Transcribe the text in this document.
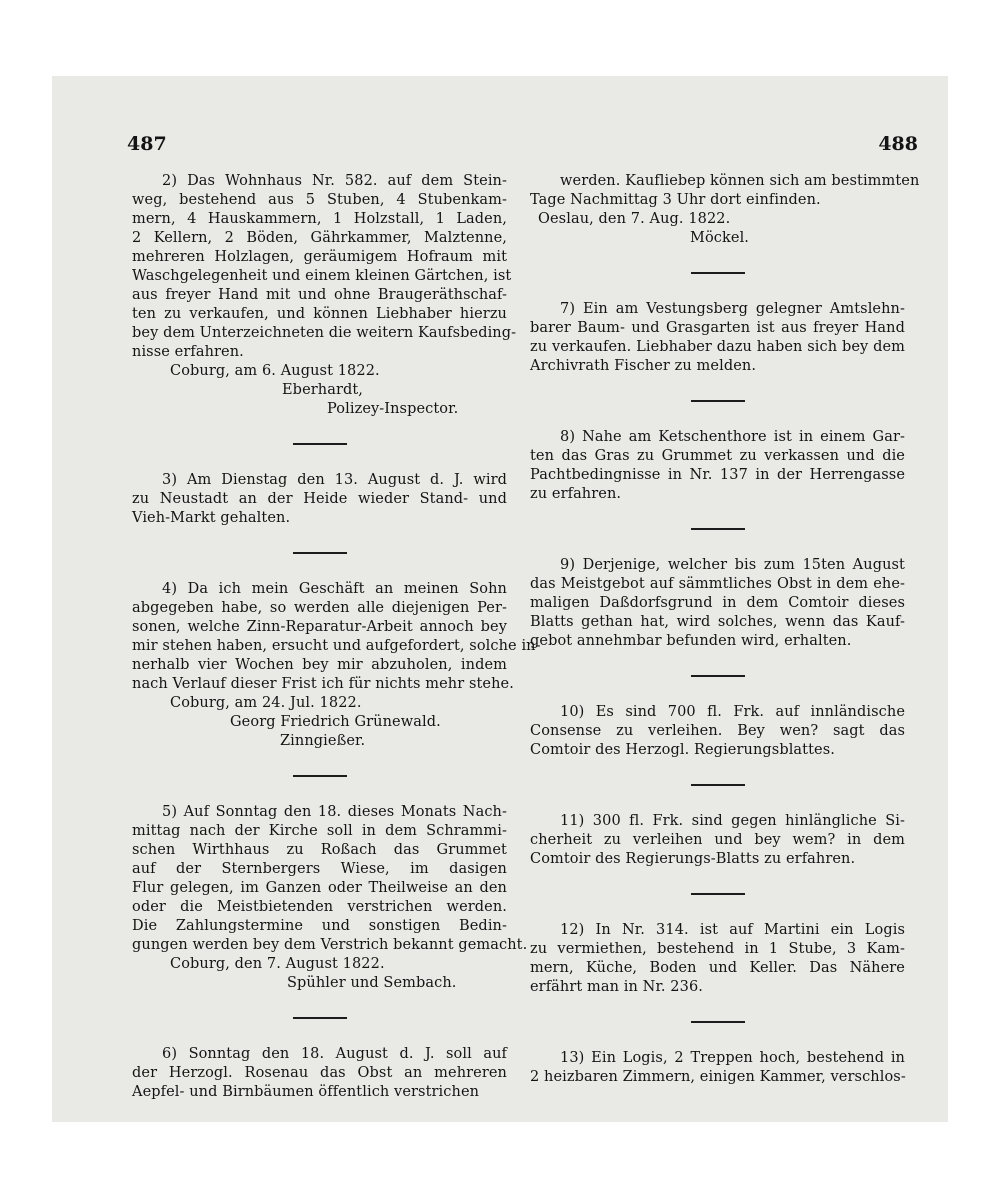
487	488
2) Das Wohnhaus Nr. 582. auf dem Stein-
weg, bestehend aus 5 Stuben, 4 Stubenkam-
mern, 4 Hauskammern, 1 Holzstall, 1 Laden,
2 Kellern, 2 Böden, Gährkammer, Malztenne,
mehreren Holzlagen, geräumigem Hofraum mit
Waschgelegenheit und einem kleinen Gärtchen, ist
aus freyer Hand mit und ohne Braugeräthschaf-
ten zu verkaufen, und können Liebhaber hierzu
bey dem Unterzeichneten die weitern Kaufsbeding-
nisse erfahren.
Coburg, am 6. August 1822.
Eberhardt,
Polizey-Inspector.
3) Am Dienstag den 13. August d. J. wird
zu Neustadt an der Heide wieder Stand- und
Vieh-Markt gehalten.
4) Da ich mein Geschäft an meinen Sohn
abgegeben habe, so werden alle diejenigen Per-
sonen, welche Zinn-Reparatur-Arbeit annoch bey
mir stehen haben, ersucht und aufgefordert, solche in-
nerhalb vier Wochen bey mir abzuholen, indem
nach Verlauf dieser Frist ich für nichts mehr stehe.
Coburg, am 24. Jul. 1822.
Georg Friedrich Grünewald.
Zinngießer.
5) Auf Sonntag den 18. dieses Monats Nach-
mittag nach der Kirche soll in dem Schrammi-
schen Wirthhaus zu Roßach das Grummet
auf der Sternbergers Wiese, im dasigen
Flur gelegen, im Ganzen oder Theilweise an den
oder die Meistbietenden verstrichen werden.
Die Zahlungstermine und sonstigen Bedin-
gungen werden bey dem Verstrich bekannt gemacht.
Coburg, den 7. August 1822.
Spühler und Sembach.
6) Sonntag den 18. August d. J. soll auf
der Herzogl. Rosenau das Obst an mehreren
Aepfel- und Birnbäumen öffentlich verstrichen
werden. Kaufliebер können sich am bestimmten
Tage Nachmittag 3 Uhr dort einfinden.
Oeslau, den 7. Aug. 1822.
Möckel.
7) Ein am Vestungsberg gelegner Amtslehn-
barer Baum- und Grasgarten ist aus freyer Hand
zu verkaufen. Liebhaber dazu haben sich bey dem
Archivrath Fischer zu melden.
8) Nahe am Ketschenthore ist in einem Gar-
ten das Gras zu Grummet zu verkassen und die
Pachtbedingnisse in Nr. 137 in der Herrengasse
zu erfahren.
9) Derjenige, welcher bis zum 15ten August
das Meistgebot auf sämmtliches Obst in dem ehe-
maligen Daßdorfsgrund in dem Comtoir dieses
Blatts gethan hat, wird solches, wenn das Kauf-
gebot annehmbar befunden wird, erhalten.
10) Es sind 700 fl. Frk. auf innländische
Consense zu verleihen. Bey wen? sagt das
Comtoir des Herzogl. Regierungsblattes.
11) 300 fl. Frk. sind gegen hinlängliche Si-
cherheit zu verleihen und bey wem? in dem
Comtoir des Regierungs-Blatts zu erfahren.
12) In Nr. 314. ist auf Martini ein Logis
zu vermiethen, bestehend in 1 Stube, 3 Kam-
mern, Küche, Boden und Keller. Das Nähere
erfährt man in Nr. 236.
13) Ein Logis, 2 Treppen hoch, bestehend in
2 heizbaren Zimmern, einigen Kammer, verschlos-
